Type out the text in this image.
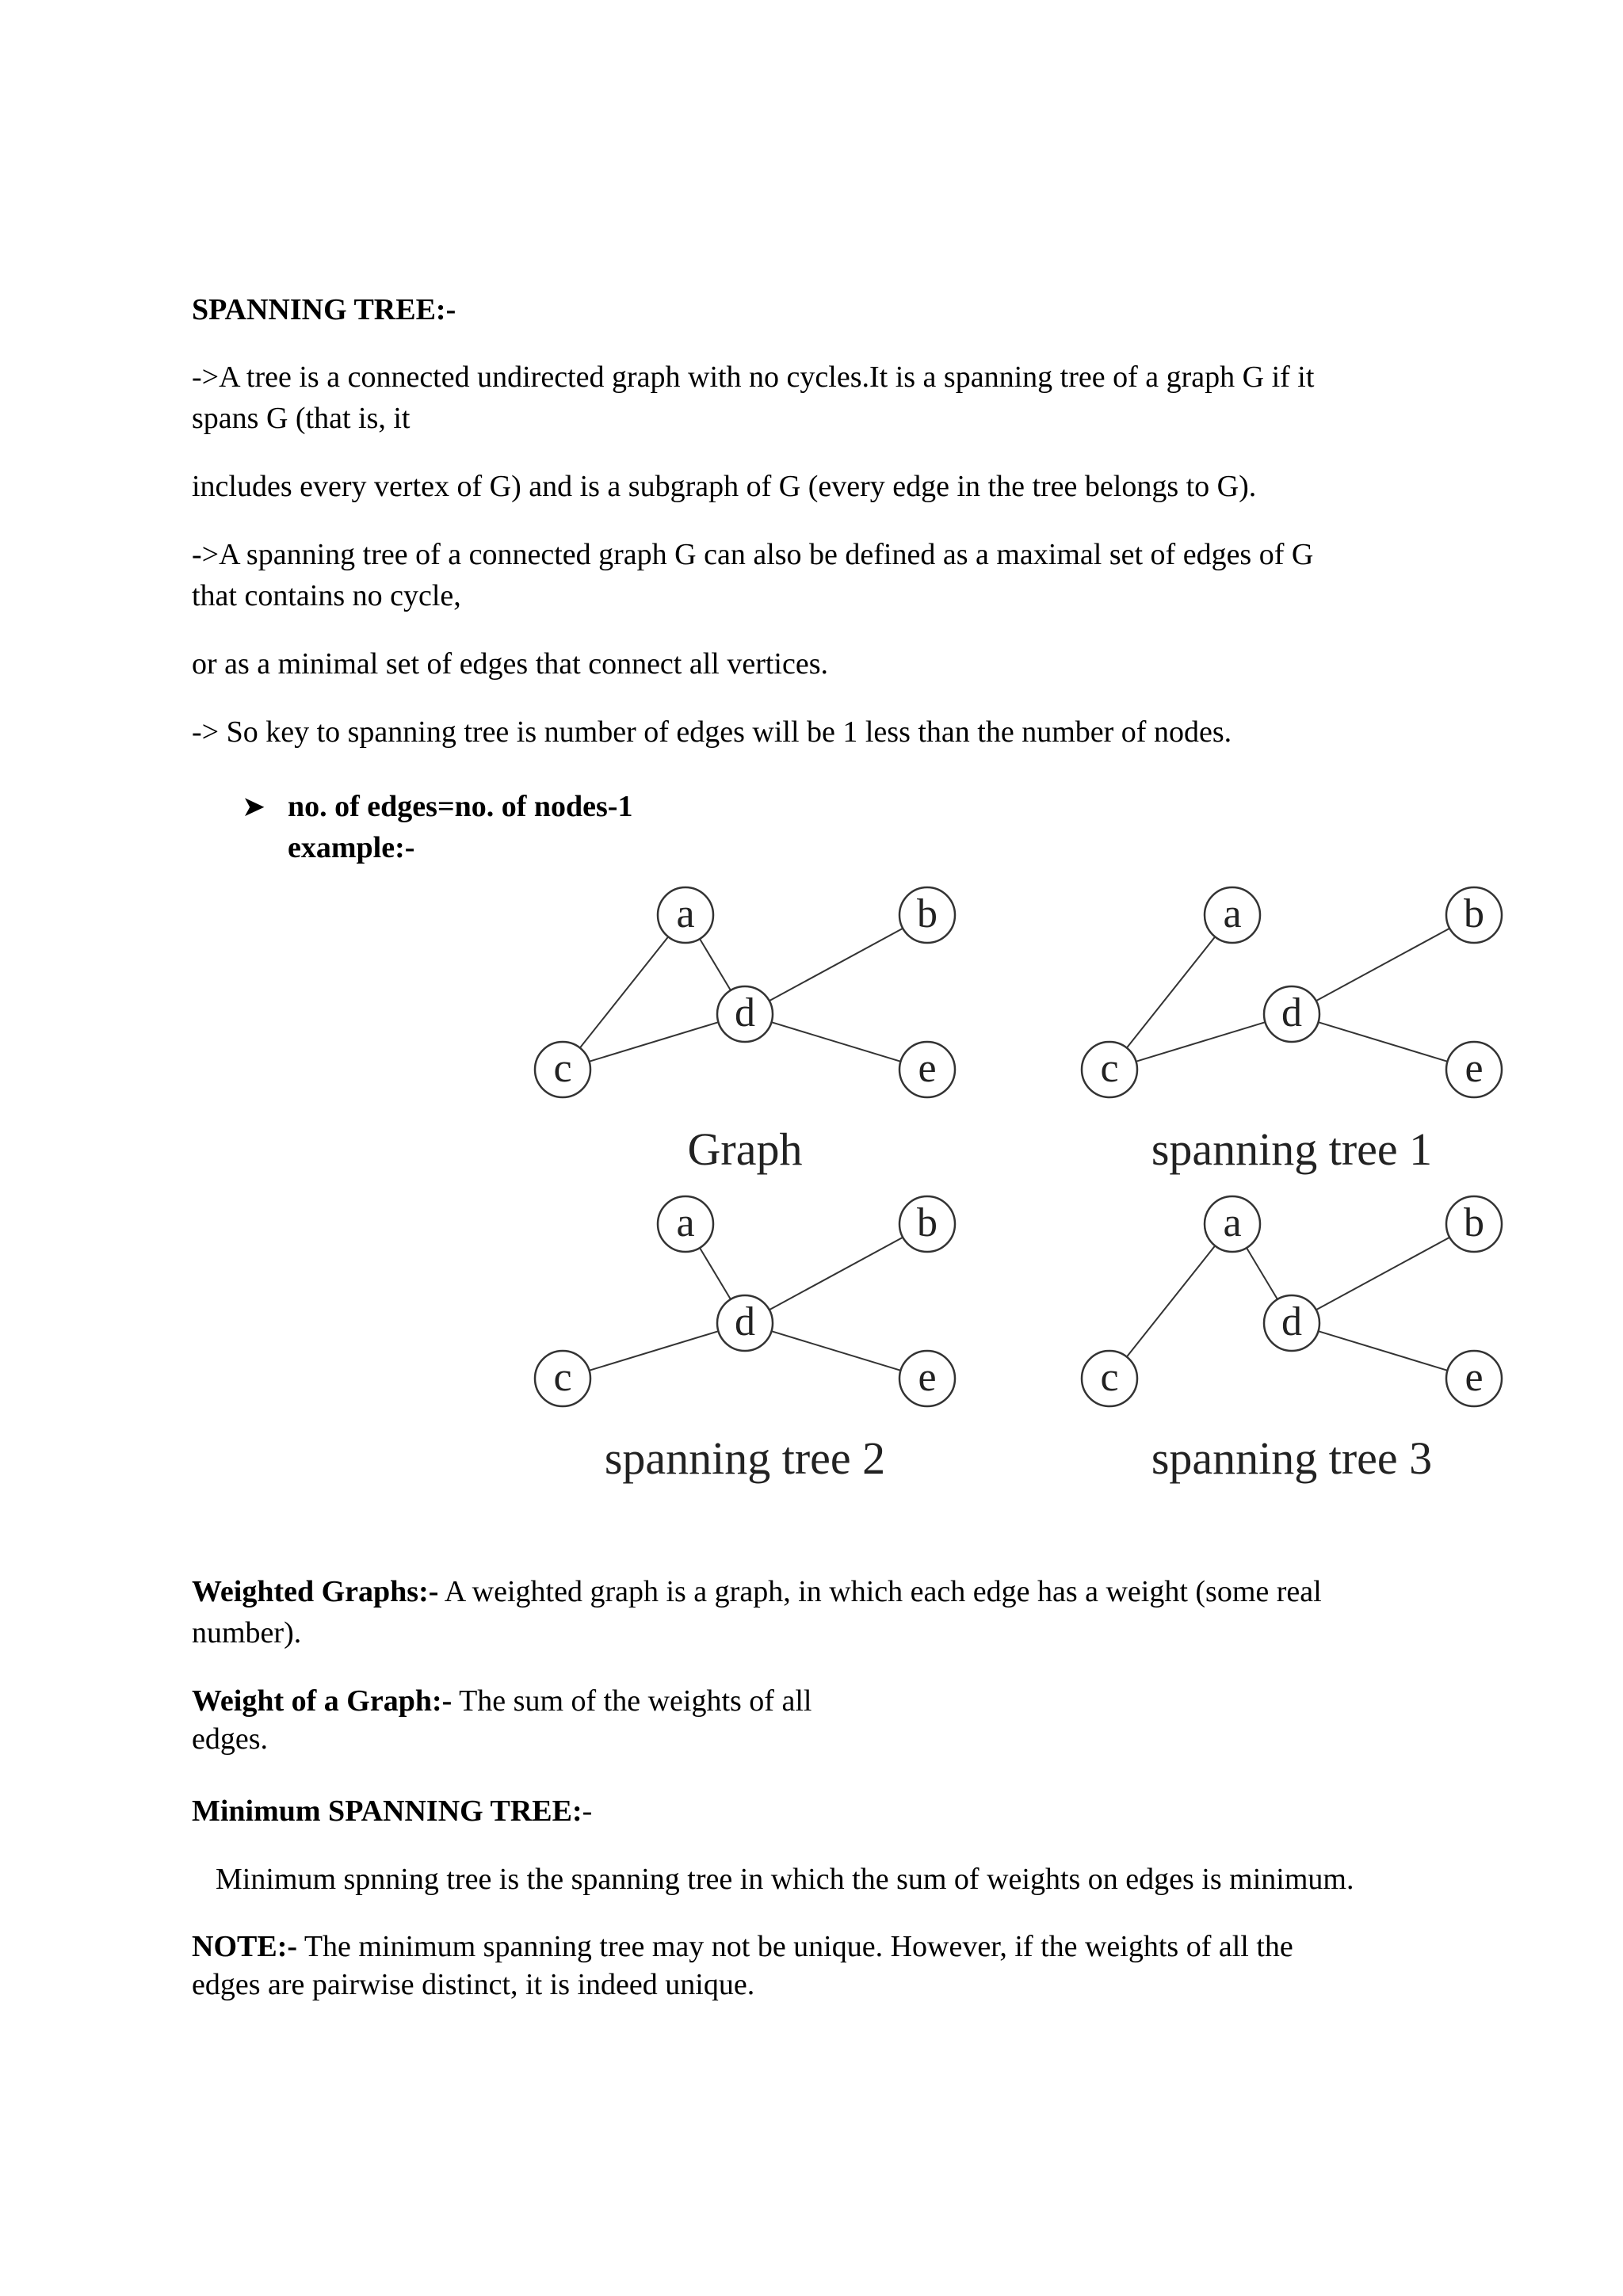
SPANNING TREE:-

->A tree is a connected undirected graph with no cycles.It is a spanning tree of a graph G if it
spans G (that is, it

includes every vertex of G) and is a subgraph of G (every edge in the tree belongs to G).

->A spanning tree of a connected graph G can also be defined as a maximal set of edges of G
that contains no cycle,

or as a minimal set of edges that connect all vertices.

-> So key to spanning tree is number of edges will be 1 less than the number of nodes.

➤ no. of edges=no. of nodes-1
example:-
a	b
c
d
e
Graph
a	b
c
d
e
spanning tree 1
a	b
c
d
e
spanning tree 2
a	b
c
d
e
spanning tree 3

Weighted Graphs:- A weighted graph is a graph, in which each edge has a weight (some real
number).

Weight of a Graph:- The sum of the weights of all
edges.

Minimum SPANNING TREE:-

Minimum spnning tree is the spanning tree in which the sum of weights on edges is minimum.

NOTE:- The minimum spanning tree may not be unique. However, if the weights of all the
edges are pairwise distinct, it is indeed unique.
